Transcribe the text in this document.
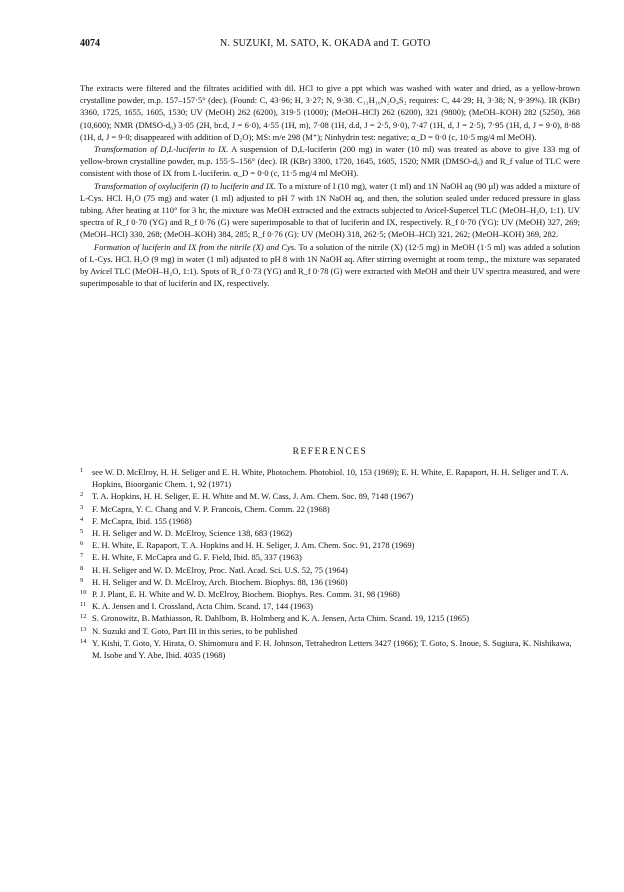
4074	N. SUZUKI, M. SATO, K. OKADA and T. GOTO

The extracts were filtered and the filtrates acidified with dil. HCl to give a ppt which was washed with water and dried, as a yellow-brown crystalline powder, m.p. 157–157·5° (dec). (Found: C, 43·96; H, 3·27; N, 9·38. C₁₁H₁₀N₂O₄S₂ requires: C, 44·29; H, 3·38; N, 9·39%). IR (KBr) 3360, 1725, 1655, 1605, 1530; UV (MeOH) 262 (6200), 319·5 (1000); (MeOH–HCl) 262 (6200), 321 (9800); (MeOH–KOH) 282 (5250), 368 (10,600); NMR (DMSO-d₆) 3·05 (2H, br.d, J = 6·0), 4·55 (1H, m), 7·08 (1H, d.d, J = 2·5, 9·0), 7·47 (1H, d, J = 2·5), 7·95 (1H, d, J = 9·0), 8·88 (1H, d, J = 9·0; disappeared with addition of D₂O); MS: m/e 298 (M⁺); Ninhydrin test: negative; α_D = 0·0 (c, 10·5 mg/4 ml MeOH).

Transformation of D,L-luciferin to IX. A suspension of D,L-luciferin (200 mg) in water (10 ml) was treated as above to give 133 mg of yellow-brown crystalline powder, m.p. 155·5–156° (dec). IR (KBr) 3300, 1720, 1645, 1605, 1520; NMR (DMSO-d₆) and R_f value of TLC were consistent with those of IX from L-luciferin. α_D = 0·0 (c, 11·5 mg/4 ml MeOH).

Transformation of oxyluciferin (I) to luciferin and IX. To a mixture of I (10 mg), water (1 ml) and 1N NaOH aq (90 µl) was added a mixture of L-Cys. HCl. H₂O (75 mg) and water (1 ml) adjusted to pH 7 with 1N NaOH aq, and then, the solution sealed under reduced pressure in glass tubing. After heating at 110° for 3 hr, the mixture was MeOH extracted and the extracts subjected to Avicel-Supercel TLC (MeOH–H₂O, 1:1). UV spectra of R_f 0·70 (YG) and R_f 0·76 (G) were superimposable to that of luciferin and IX, respectively. R_f 0·70 (YG): UV (MeOH) 327, 269; (MeOH–HCl) 330, 268; (MeOH–KOH) 384, 285; R_f 0·76 (G): UV (MeOH) 318, 262·5; (MeOH–HCl) 321, 262; (MeOH–KOH) 369, 282.

Formation of luciferin and IX from the nitrile (X) and Cys. To a solution of the nitrile (X) (12·5 mg) in MeOH (1·5 ml) was added a solution of L-Cys. HCl. H₂O (9 mg) in water (1 ml) adjusted to pH 8 with 1N NaOH aq. After stirring overnight at room temp., the mixture was separated by Avicel TLC (MeOH–H₂O, 1:1). Spots of R_f 0·73 (YG) and R_f 0·78 (G) were extracted with MeOH and their UV spectra measured, and were superimposable to that of luciferin and IX, respectively.

REFERENCES
1	see W. D. McElroy, H. H. Seliger and E. H. White, Photochem. Photobiol. 10, 153 (1969); E. H. White, E. Rapaport, H. H. Seliger and T. A. Hopkins, Bioorganic Chem. 1, 92 (1971)
2	T. A. Hopkins, H. H. Seliger, E. H. White and M. W. Cass, J. Am. Chem. Soc. 89, 7148 (1967)
3	F. McCapra, Y. C. Chang and V. P. Francois, Chem. Comm. 22 (1968)
4	F. McCapra, Ibid. 155 (1968)
5	H. H. Seliger and W. D. McElroy, Science 138, 683 (1962)
6	E. H. White, E. Rapaport, T. A. Hopkins and H. H. Seliger, J. Am. Chem. Soc. 91, 2178 (1969)
7	E. H. White, F. McCapra and G. F. Field, Ibid. 85, 337 (1963)
8	H. H. Seliger and W. D. McElroy, Proc. Natl. Acad. Sci. U.S. 52, 75 (1964)
9	H. H. Seliger and W. D. McElroy, Arch. Biochem. Biophys. 88, 136 (1960)
10 P. J. Plant, E. H. White and W. D. McElroy, Biochem. Biophys. Res. Comm. 31, 98 (1968)
11 K. A. Jensen and I. Crossland, Acta Chim. Scand. 17, 144 (1963)
12 S. Gronowitz, B. Mathiasson, R. Dahlbom, B. Holmberg and K. A. Jensen, Acta Chim. Scand. 19, 1215 (1965)
13 N. Suzuki and T. Goto, Part III in this series, to be published
14 Y. Kishi, T. Goto, Y. Hirata, O. Shimomura and F. H. Johnson, Tetrahedron Letters 3427 (1966); T. Goto, S. Inoue, S. Sugiura, K. Nishikawa, M. Isobe and Y. Abe, Ibid. 4035 (1968)
